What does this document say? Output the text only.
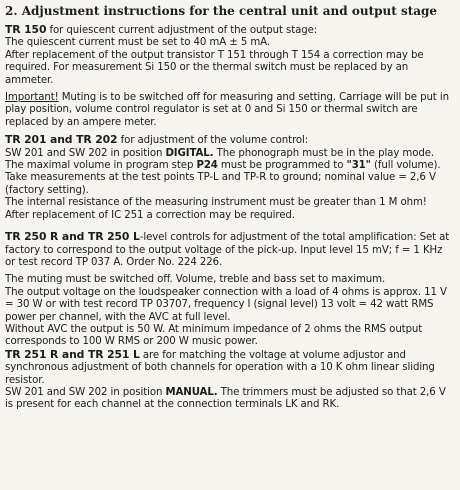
2. Adjustment instructions for the central unit and output stage

TR 150 for quiescent current adjustment of the output stage:

The quiescent current must be set to 40 mA ± 5 mA.

After replacement of the output transistor T 151 through T 154 a correction may be required. For measurement Si 150 or the thermal switch must be replaced by an ammeter.

Important! Muting is to be switched off for measuring and setting. Carriage will be put in play position, volume control regulator is set at 0 and Si 150 or thermal switch are replaced by an ampere meter.

TR 201 and TR 202 for adjustment of the volume control:

SW 201 and SW 202 in position DIGITAL. The phonograph must be in the play mode.

The maximal volume in program step P24 must be programmed to "31" (full volume).

Take measurements at the test points TP-L and TP-R to ground; nominal value = 2,6 V (factory setting).

The internal resistance of the measuring instrument must be greater than 1 M ohm!

After replacement of IC 251 a correction may be required.

TR 250 R and TR 250 L-level controls for adjustment of the total amplification: Set at factory to correspond to the output voltage of the pick-up. Input level 15 mV; f = 1 KHz or test record TP 037 A. Order No. 224 226.

The muting must be switched off. Volume, treble and bass set to maximum.

The output voltage on the loudspeaker connection with a load of 4 ohms is approx. 11 V = 30 W or with test record TP 03707, frequency I (signal level) 13 volt = 42 watt RMS power per channel, with the AVC at full level.

Without AVC the output is 50 W. At minimum impedance of 2 ohms the RMS output corresponds to 100 W RMS or 200 W music power.

TR 251 R and TR 251 L are for matching the voltage at volume adjustor and synchronous adjustment of both channels for operation with a 10 K ohm linear sliding resistor.

SW 201 and SW 202 in position MANUAL. The trimmers must be adjusted so that 2,6 V is present for each channel at the connection terminals LK and RK.
